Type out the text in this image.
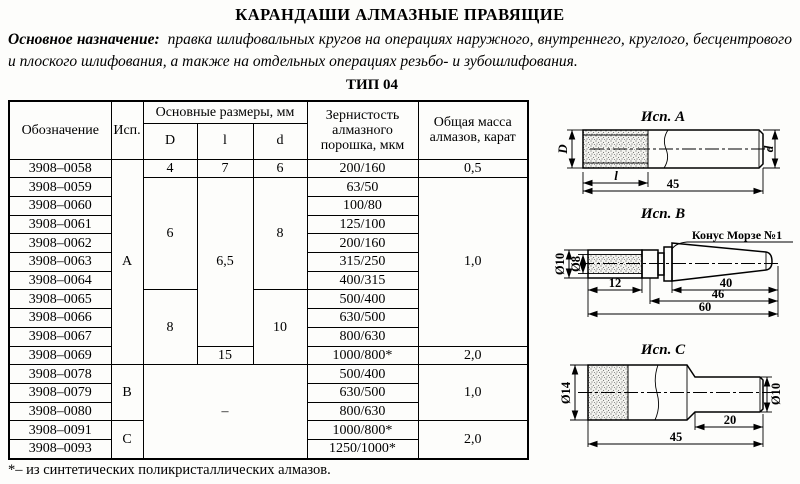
КАРАНДАШИ АЛМАЗНЫЕ ПРАВЯЩИЕ
Основное назначение: правка шлифовальных кругов на операциях наружного, внутреннего, круглого, бесцентрового и плоского шлифования, а также на отдельных операциях резьбо- и зубошлифования.
ТИП 04
Обозначение	Исп.	Основные размеры, мм			Зернистость алмазного порошка, мкм	Общая масса алмазов, карат
		D	l	d		
3908–0058	A	4	7	6	200/160	0,5
3908–0059		6	6,5	8	63/50	1,0
3908–0060					100/80	
3908–0061					125/100	
3908–0062					200/160	
3908–0063					315/250	
3908–0064					400/315	
3908–0065		8		10	500/400	
3908–0066					630/500	
3908–0067					800/630	
3908–0069			15		1000/800*	2,0
3908–0078	B	–			500/400	1,0
3908–0079					630/500	
3908–0080					800/630	
3908–0091	C				1000/800*	2,0
3908–0093					1250/1000*	
*– из синтетических поликристаллических алмазов.
Исп. А
D	d
l
45
Исп. В
Конус Морзе №1
Ø10 Ø8
12	40
46
60
Исп. С
Ø14	Ø10
20
45
